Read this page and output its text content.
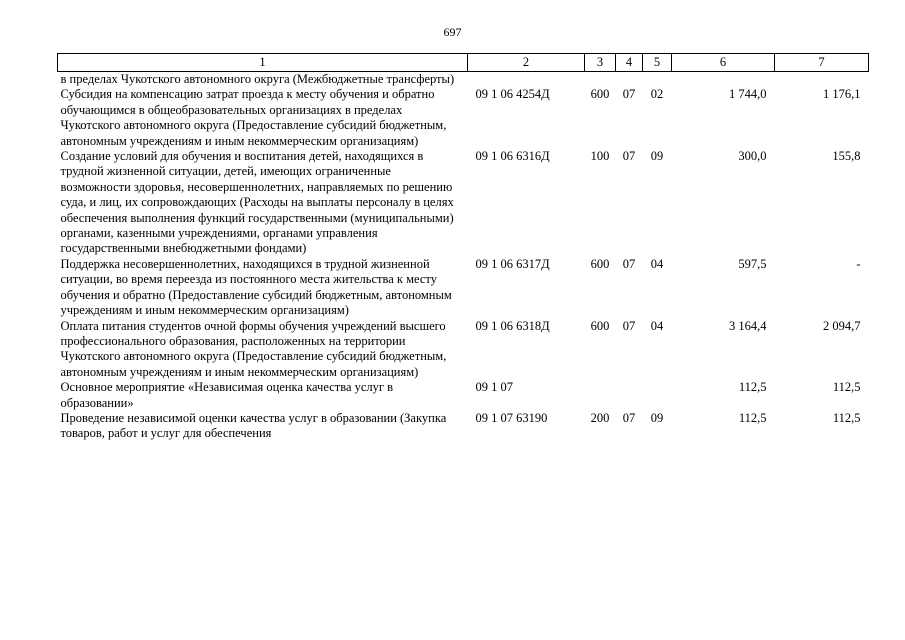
697
1	2	3	4	5	6	7
в пределах Чукотского автономного округа (Межбюджетные трансферты)						
Субсидия на компенсацию затрат проезда к месту обучения и обратно обучающимся в общеобразовательных организациях в пределах Чукотского автономного округа (Предоставление субсидий бюджетным, автономным учреждениям и иным некоммерческим организациям)	09 1 06 4254Д	600	07	02	1 744,0	1 176,1
Создание условий для обучения и воспитания детей, находящихся в трудной жизненной ситуации, детей, имеющих ограниченные возможности здоровья, несовершеннолетних, направляемых по решению суда, и лиц, их сопровождающих (Расходы на выплаты персоналу в целях обеспечения выполнения функций государственными (муниципальными) органами, казенными учреждениями, органами управления государственными внебюджетными фондами)	09 1 06 6316Д	100	07	09	300,0	155,8
Поддержка несовершеннолетних, находящихся в трудной жизненной ситуации, во время переезда из постоянного места жительства к месту обучения и обратно (Предоставление субсидий бюджетным, автономным учреждениям и иным некоммерческим организациям)	09 1 06 6317Д	600	07	04	597,5	-
Оплата питания студентов очной формы обучения учреждений высшего профессионального образования, расположенных на территории Чукотского автономного округа (Предоставление субсидий бюджетным, автономным учреждениям и иным некоммерческим организациям)	09 1 06 6318Д	600	07	04	3 164,4	2 094,7
Основное мероприятие «Независимая оценка качества услуг в образовании»	09 1 07				112,5	112,5
Проведение независимой оценки качества услуг в образовании (Закупка товаров, работ и услуг для обеспечения	09 1 07 63190	200	07	09	112,5	112,5
